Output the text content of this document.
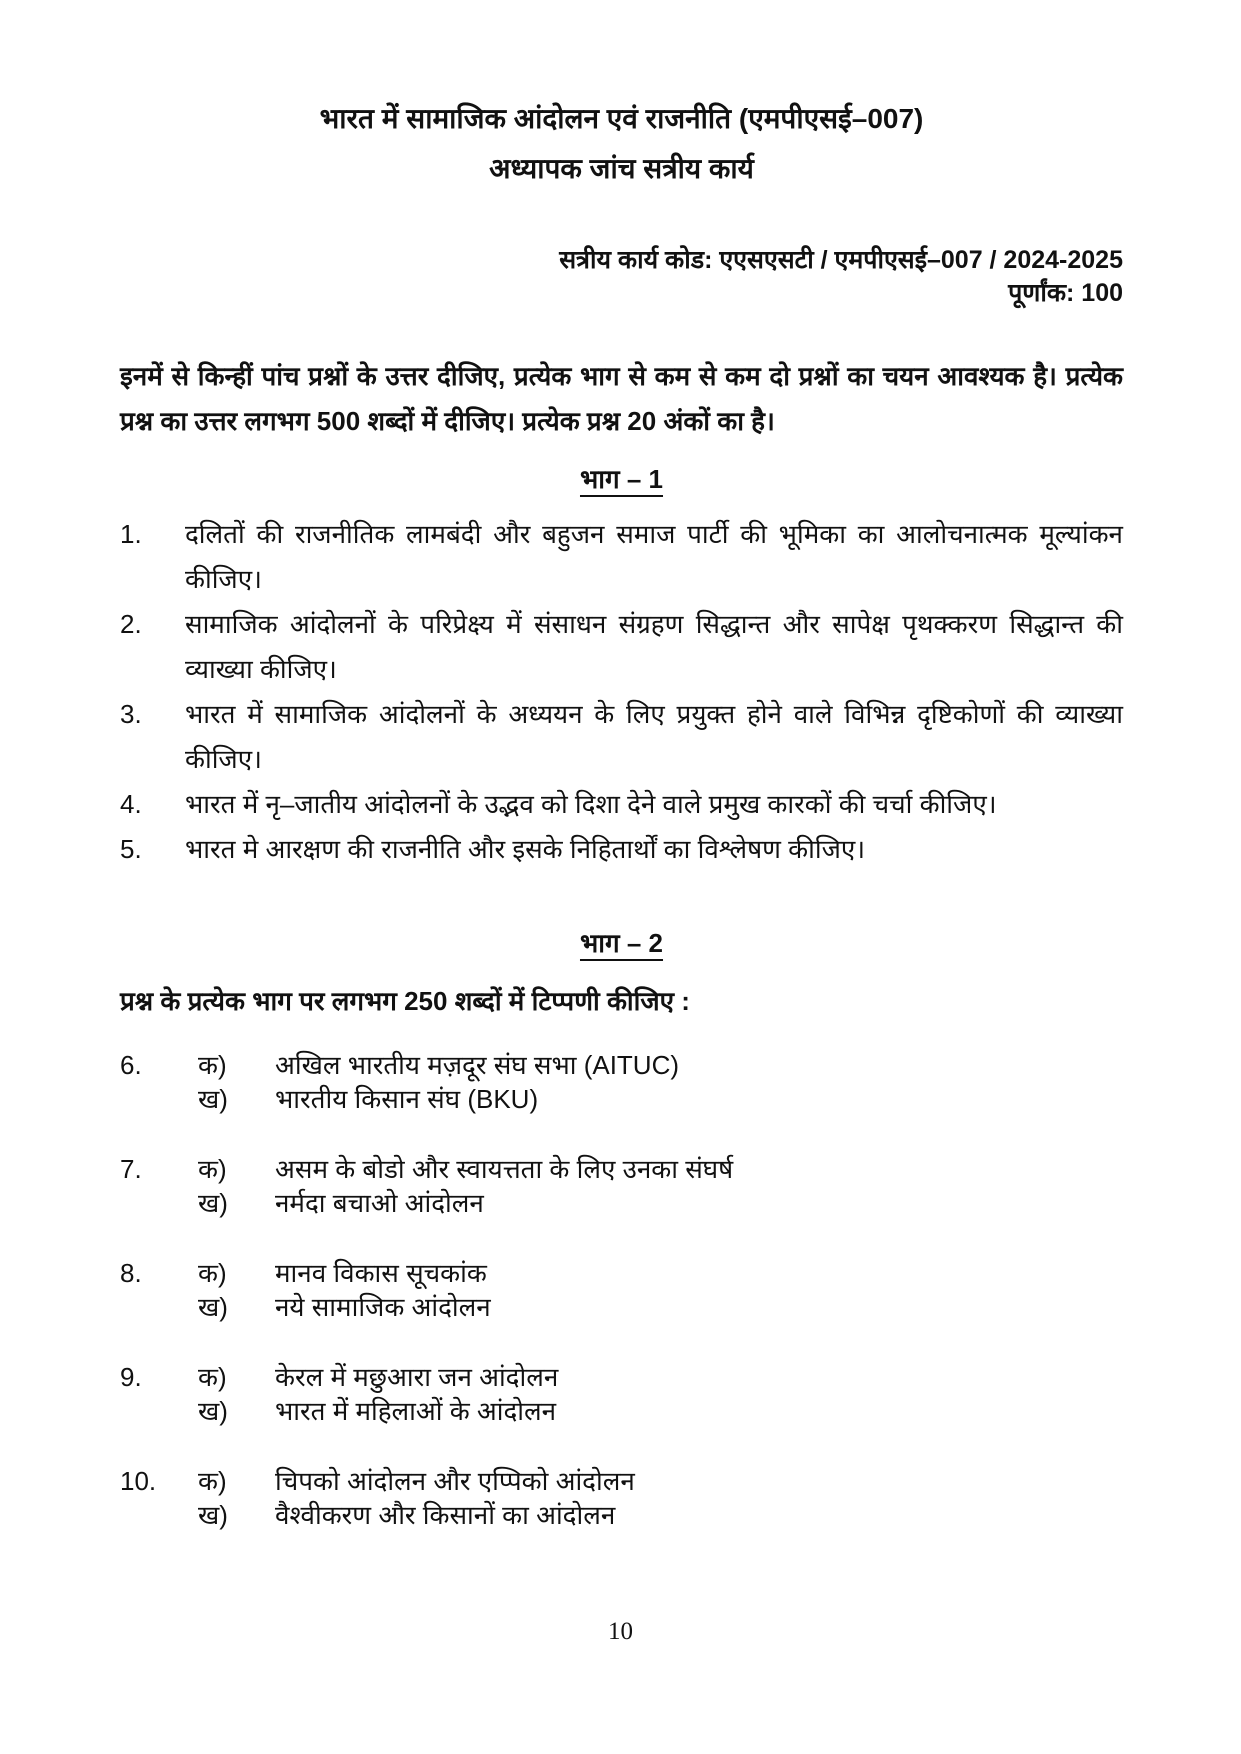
भारत में सामाजिक आंदोलन एवं राजनीति (एमपीएसई–007)
अध्यापक जांच सत्रीय कार्य
सत्रीय कार्य कोड: एएसएसटी / एमपीएसई–007 / 2024-2025
पूर्णांक: 100

इनमें से किन्हीं पांच प्रश्नों के उत्तर दीजिए, प्रत्येक भाग से कम से कम दो प्रश्नों का चयन आवश्यक है। प्रत्येक प्रश्न का उत्तर लगभग 500 शब्दों में दीजिए। प्रत्येक प्रश्न 20 अंकों का है।

भाग – 1
1.	दलितों की राजनीतिक लामबंदी और बहुजन समाज पार्टी की भूमिका का आलोचनात्मक मूल्यांकन कीजिए।
2.	सामाजिक आंदोलनों के परिप्रेक्ष्य में संसाधन संग्रहण सिद्धान्त और सापेक्ष पृथक्करण सिद्धान्त की व्याख्या कीजिए।
3.	भारत में सामाजिक आंदोलनों के अध्ययन के लिए प्रयुक्त होने वाले विभिन्न दृष्टिकोणों की व्याख्या कीजिए।
4.	भारत में नृ–जातीय आंदोलनों के उद्भव को दिशा देने वाले प्रमुख कारकों की चर्चा कीजिए।
5.	भारत मे आरक्षण की राजनीति और इसके निहितार्थों का विश्लेषण कीजिए।
भाग – 2

प्रश्न के प्रत्येक भाग पर लगभग 250 शब्दों में टिप्पणी कीजिए :

6.	क)	अखिल भारतीय मज़दूर संघ सभा (AITUC)
ख)	भारतीय किसान संघ (BKU)
7.	क)	असम के बोडो और स्वायत्तता के लिए उनका संघर्ष
ख)	नर्मदा बचाओ आंदोलन
8.	क)	मानव विकास सूचकांक
ख)	नये सामाजिक आंदोलन
9.	क)	केरल में मछुआरा जन आंदोलन
ख)	भारत में महिलाओं के आंदोलन
10.	क)	चिपको आंदोलन और एप्पिको आंदोलन
ख)	वैश्वीकरण और किसानों का आंदोलन
10
